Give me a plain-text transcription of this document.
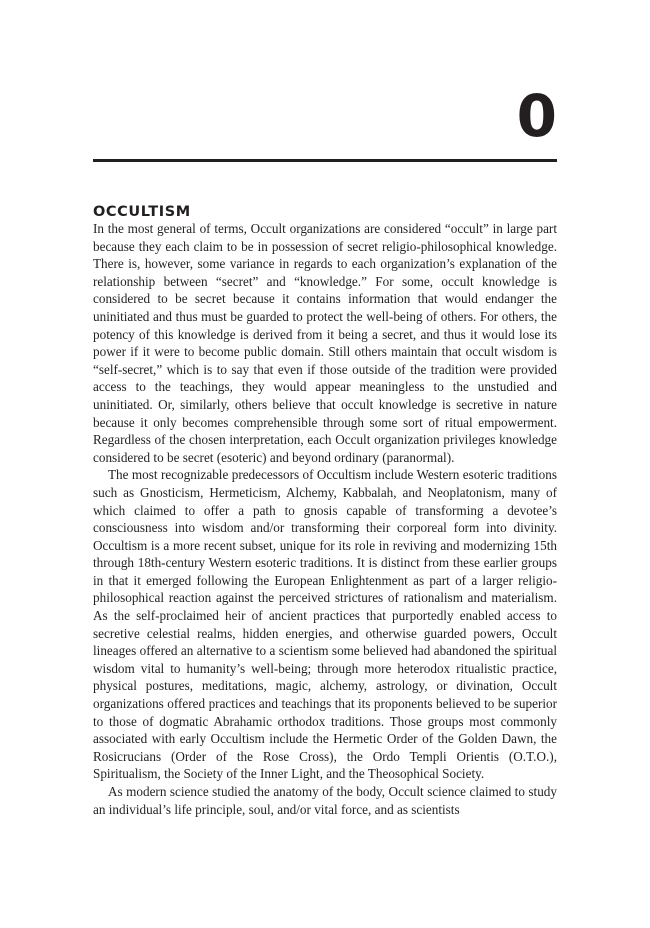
0
OCCULTISM

In the most general of terms, Occult organizations are considered “occult” in large part because they each claim to be in possession of secret religio-philosophical knowledge. There is, however, some variance in regards to each organization’s explanation of the relationship between “secret” and “knowledge.” For some, occult knowledge is considered to be secret because it contains information that would endanger the uninitiated and thus must be guarded to protect the well-being of others. For others, the potency of this knowledge is derived from it being a secret, and thus it would lose its power if it were to become public domain. Still others maintain that occult wisdom is “self-secret,” which is to say that even if those outside of the tradition were provided access to the teachings, they would appear meaningless to the unstudied and uninitiated. Or, similarly, others believe that occult knowledge is secretive in nature because it only becomes comprehensible through some sort of ritual empowerment. Regardless of the chosen interpretation, each Occult organization privileges knowledge considered to be secret (esoteric) and beyond ordinary (paranormal).

The most recognizable predecessors of Occultism include Western esoteric traditions such as Gnosticism, Hermeticism, Alchemy, Kabbalah, and Neoplatonism, many of which claimed to offer a path to gnosis capable of transforming a devotee’s consciousness into wisdom and/or transforming their corporeal form into divinity. Occultism is a more recent subset, unique for its role in reviving and modernizing 15th through 18th-century Western esoteric traditions. It is distinct from these earlier groups in that it emerged following the European Enlightenment as part of a larger religio-philosophical reaction against the perceived strictures of rationalism and materialism. As the self-proclaimed heir of ancient practices that purportedly enabled access to secretive celestial realms, hidden energies, and otherwise guarded powers, Occult lineages offered an alternative to a scientism some believed had abandoned the spiritual wisdom vital to humanity’s well-being; through more heterodox ritualistic practice, physical postures, meditations, magic, alchemy, astrology, or divination, Occult organizations offered practices and teachings that its proponents believed to be superior to those of dogmatic Abrahamic orthodox traditions. Those groups most commonly associated with early Occultism include the Hermetic Order of the Golden Dawn, the Rosicrucians (Order of the Rose Cross), the Ordo Templi Orientis (O.T.O.), Spiritualism, the Society of the Inner Light, and the Theosophical Society.

As modern science studied the anatomy of the body, Occult science claimed to study an individual’s life principle, soul, and/or vital force, and as scientists
